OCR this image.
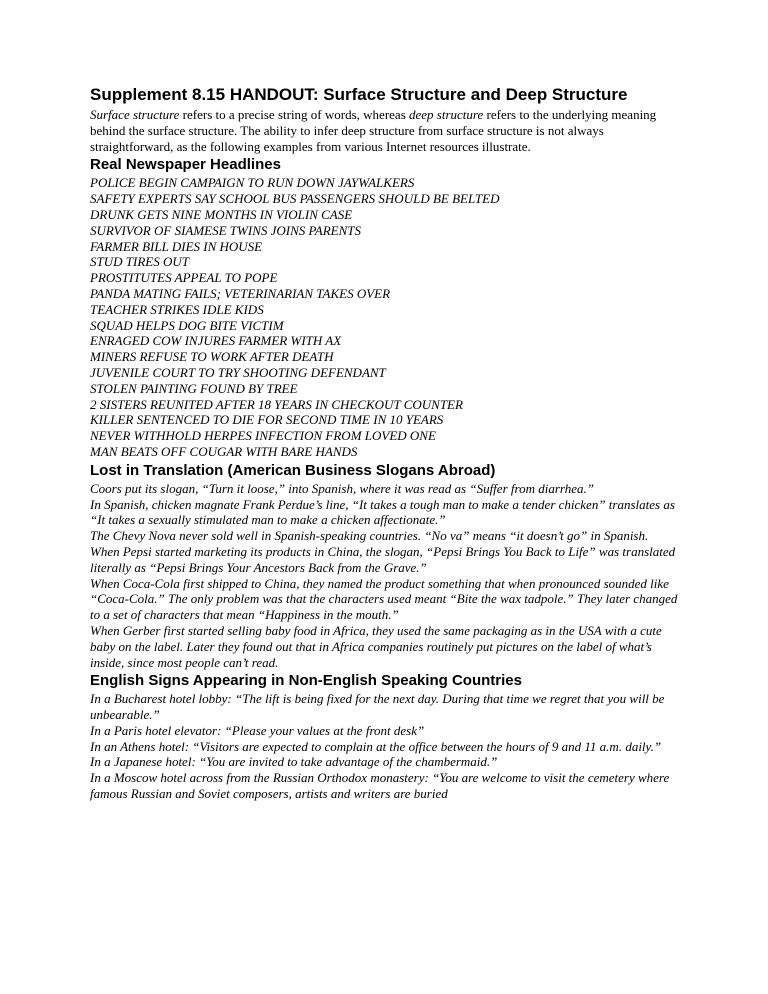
Supplement 8.15 HANDOUT: Surface Structure and Deep Structure

Surface structure refers to a precise string of words, whereas deep structure refers to the underlying meaning behind the surface structure. The ability to infer deep structure from surface structure is not always straightforward, as the following examples from various Internet resources illustrate.

Real Newspaper Headlines

POLICE BEGIN CAMPAIGN TO RUN DOWN JAYWALKERS

SAFETY EXPERTS SAY SCHOOL BUS PASSENGERS SHOULD BE BELTED

DRUNK GETS NINE MONTHS IN VIOLIN CASE

SURVIVOR OF SIAMESE TWINS JOINS PARENTS

FARMER BILL DIES IN HOUSE

STUD TIRES OUT

PROSTITUTES APPEAL TO POPE

PANDA MATING FAILS; VETERINARIAN TAKES OVER

TEACHER STRIKES IDLE KIDS

SQUAD HELPS DOG BITE VICTIM

ENRAGED COW INJURES FARMER WITH AX

MINERS REFUSE TO WORK AFTER DEATH

JUVENILE COURT TO TRY SHOOTING DEFENDANT

STOLEN PAINTING FOUND BY TREE

2 SISTERS REUNITED AFTER 18 YEARS IN CHECKOUT COUNTER

KILLER SENTENCED TO DIE FOR SECOND TIME IN 10 YEARS

NEVER WITHHOLD HERPES INFECTION FROM LOVED ONE

MAN BEATS OFF COUGAR WITH BARE HANDS

Lost in Translation (American Business Slogans Abroad)

Coors put its slogan, “Turn it loose,” into Spanish, where it was read as “Suffer from diarrhea.”

In Spanish, chicken magnate Frank Perdue’s line, “It takes a tough man to make a tender chicken” translates as “It takes a sexually stimulated man to make a chicken affectionate.”

The Chevy Nova never sold well in Spanish-speaking countries. “No va” means “it doesn’t go” in Spanish.

When Pepsi started marketing its products in China, the slogan, “Pepsi Brings You Back to Life” was translated literally as “Pepsi Brings Your Ancestors Back from the Grave.”

When Coca-Cola first shipped to China, they named the product something that when pronounced sounded like “Coca-Cola.” The only problem was that the characters used meant “Bite the wax tadpole.” They later changed to a set of characters that mean “Happiness in the mouth.”

When Gerber first started selling baby food in Africa, they used the same packaging as in the USA with a cute baby on the label. Later they found out that in Africa companies routinely put pictures on the label of what’s inside, since most people can’t read.

English Signs Appearing in Non-English Speaking Countries

In a Bucharest hotel lobby: “The lift is being fixed for the next day. During that time we regret that you will be unbearable.”

In a Paris hotel elevator: “Please your values at the front desk”

In an Athens hotel: “Visitors are expected to complain at the office between the hours of 9 and 11 a.m. daily.”

In a Japanese hotel: “You are invited to take advantage of the chambermaid.”

In a Moscow hotel across from the Russian Orthodox monastery: “You are welcome to visit the cemetery where famous Russian and Soviet composers, artists and writers are buried
